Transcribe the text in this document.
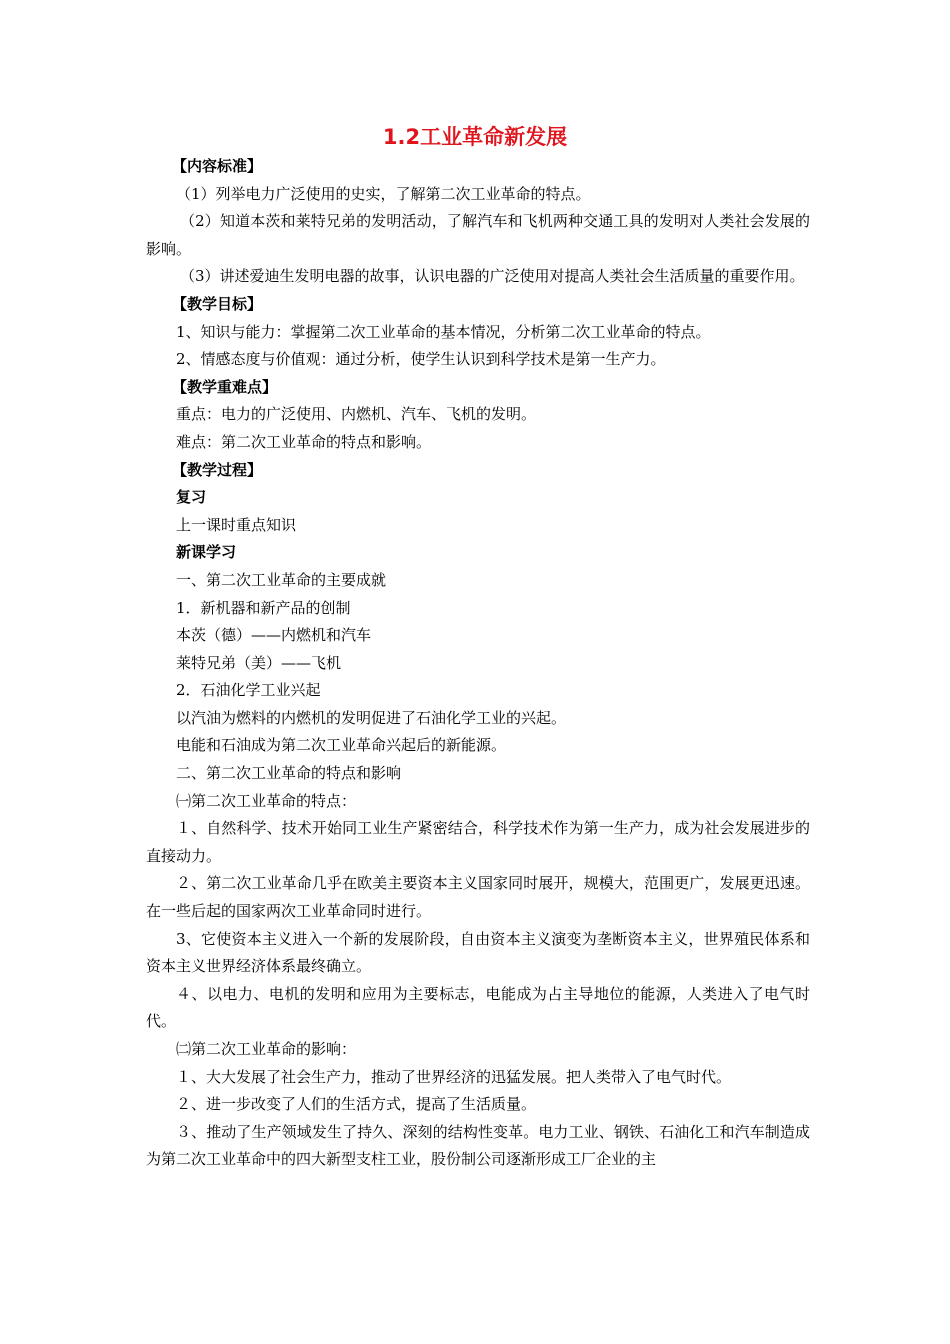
1.2工业革命新发展

【内容标准】

（1）列举电力广泛使用的史实，了解第二次工业革命的特点。

（2）知道本茨和莱特兄弟的发明活动，了解汽车和飞机两种交通工具的发明对人类社会发展的影响。

（3）讲述爱迪生发明电器的故事，认识电器的广泛使用对提高人类社会生活质量的重要作用。

【教学目标】

1、知识与能力：掌握第二次工业革命的基本情况，分析第二次工业革命的特点。

2、情感态度与价值观：通过分析，使学生认识到科学技术是第一生产力。

【教学重难点】

重点：电力的广泛使用、内燃机、汽车、飞机的发明。

难点：第二次工业革命的特点和影响。

【教学过程】

复习

上一课时重点知识

新课学习

一、第二次工业革命的主要成就

1．新机器和新产品的创制

本茨（德）——内燃机和汽车

莱特兄弟（美）——飞机

2．石油化学工业兴起

以汽油为燃料的内燃机的发明促进了石油化学工业的兴起。

电能和石油成为第二次工业革命兴起后的新能源。

二、第二次工业革命的特点和影响

㈠第二次工业革命的特点：

１、自然科学、技术开始同工业生产紧密结合，科学技术作为第一生产力，成为社会发展进步的直接动力。

２、第二次工业革命几乎在欧美主要资本主义国家同时展开，规模大，范围更广，发展更迅速。在一些后起的国家两次工业革命同时进行。

3、它使资本主义进入一个新的发展阶段，自由资本主义演变为垄断资本主义，世界殖民体系和资本主义世界经济体系最终确立。

４、以电力、电机的发明和应用为主要标志，电能成为占主导地位的能源，人类进入了电气时代。

㈡第二次工业革命的影响：

１、大大发展了社会生产力，推动了世界经济的迅猛发展。把人类带入了电气时代。

２、进一步改变了人们的生活方式，提高了生活质量。

３、推动了生产领域发生了持久、深刻的结构性变革。电力工业、钢铁、石油化工和汽车制造成为第二次工业革命中的四大新型支柱工业，股份制公司逐渐形成工厂企业的主
